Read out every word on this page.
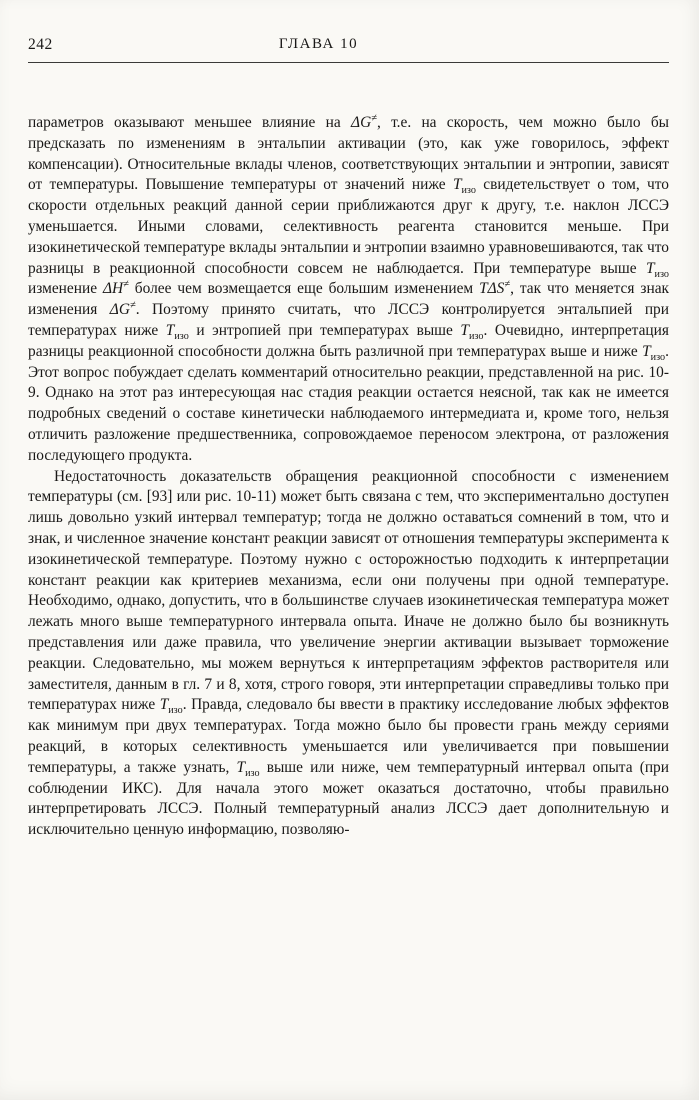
242	ГЛАВА 10

параметров оказывают меньшее влияние на ΔG≠, т.е. на скорость, чем можно было бы предсказать по изменениям в энтальпии активации (это, как уже говорилось, эффект компенсации). Относительные вклады членов, соответствующих энтальпии и энтропии, зависят от температуры. Повышение температуры от значений ниже $T_{изо}$ свидетельствует о том, что скорости отдельных реакций данной серии приближаются друг к другу, т.е. наклон ЛССЭ уменьшается. Иными словами, селективность реагента становится меньше. При изокинетической температуре вклады энтальпии и энтропии взаимно уравновешиваются, так что разницы в реакционной способности совсем не наблюдается. При температуре выше $T_{изо}$ изменение ΔH≠ более чем возмещается еще большим изменением TΔS≠, так что меняется знак изменения ΔG≠. Поэтому принято считать, что ЛССЭ контролируется энтальпией при температурах ниже $T_{изо}$ и энтропией при температурах выше $T_{изо}$. Очевидно, интерпретация разницы реакционной способности должна быть различной при температурах выше и ниже $T_{изо}$. Этот вопрос побуждает сделать комментарий относительно реакции, представленной на рис. 10-9. Однако на этот раз интересующая нас стадия реакции остается неясной, так как не имеется подробных сведений о составе кинетически наблюдаемого интермедиата и, кроме того, нельзя отличить разложение предшественника, сопровождаемое переносом электрона, от разложения последующего продукта.

Недостаточность доказательств обращения реакционной способности с изменением температуры (см. [93] или рис. 10-11) может быть связана с тем, что экспериментально доступен лишь довольно узкий интервал температур; тогда не должно оставаться сомнений в том, что и знак, и численное значение констант реакции зависят от отношения температуры эксперимента к изокинетической температуре. Поэтому нужно с осторожностью подходить к интерпретации констант реакции как критериев механизма, если они получены при одной температуре. Необходимо, однако, допустить, что в большинстве случаев изокинетическая температура может лежать много выше температурного интервала опыта. Иначе не должно было бы возникнуть представления или даже правила, что увеличение энергии активации вызывает торможение реакции. Следовательно, мы можем вернуться к интерпретациям эффектов растворителя или заместителя, данным в гл. 7 и 8, хотя, строго говоря, эти интерпретации справедливы только при температурах ниже $T_{изо}$. Правда, следовало бы ввести в практику исследование любых эффектов как минимум при двух температурах. Тогда можно было бы провести грань между сериями реакций, в которых селективность уменьшается или увеличивается при повышении температуры, а также узнать, $T_{изо}$ выше или ниже, чем температурный интервал опыта (при соблюдении ИКС). Для начала этого может оказаться достаточно, чтобы правильно интерпретировать ЛССЭ. Полный температурный анализ ЛССЭ дает дополнительную и исключительно ценную информацию, позволяю-
